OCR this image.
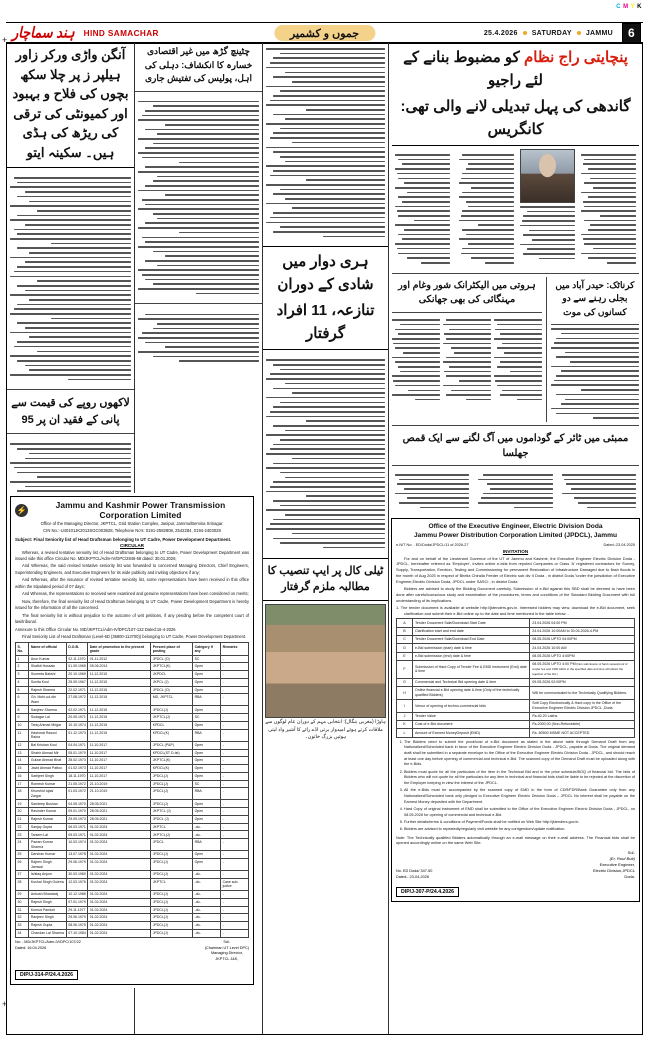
+
+
C M Y K
ہند سماچار HIND SAMACHAR	جموں و کشمیر	25.4.2026 SATURDAY JAMMU	6
آنگن واڑی ورکر زاور ہیلپر ز پر چلا سکھ بچوں کی فلاح و بہبود اور کمیونٹی کی ترقی کی ریڑھ کی ہڈی ہیں۔ سکینہ ایتو
لاکھوں روپے کی قیمت سے پانی کے فقید ان پر 95
چٹینچ گڑھ میں غیر اقتصادی خسارہ کا انکشاف: دہلی کی اہل، پولیس کی تفتیش جاری
ہری دوار میں شادی کے دوران
تنازعہ، 11 افراد گرفتار
ٹیلی کال پر ایپ تنصیب کا مطالبہ ملزم گرفتار
ہاوڑا (مغربی بنگال): انتخابی مہم کے دوران عام لوگوں سے ملاقات کرتے ہوئے امیدوار برتی اڈے رائے کا آشیر واد لیتی ہوئیں بزرگ خاتون۔
پنچایتی راج نظام کو مضبوط بنانے کے لئے راجیو
گاندھی کی پہل تبدیلی لانے والی تھی: کانگریس
ہروتی میں الیکٹرانک شور وغام اور مہنگائی کی بھی جھانکی
کرناٹک: حیدر آباد میں بجلی رہنے سے دو کسانوں کی موت
ممبئی میں ٹائر کے گوداموں میں آگ لگنے سے ایک قمص جھلسا
Office of the Executive Engineer, Electric Division Doda
Jammu Power Distribution Corporation Limited (JPDCL), Jammu
e-NIT No: - ED/Doda/JPDCL/11 of 2026-27	Dated:-23.04.2025
INVITATION
For and on behalf of the Lieutenant Governor of the UT of Jammu and Kashmir, the Executive Engineer Electric Division Doda - JPDCL, hereinafter referred as 'Employer', invites online e-bids from reputed Companies or Class 'A' registered contractors for Survey, Supply, Transportation, Erection, Testing and Commissioning for permanent Restoration of Infrastructure Damaged due to flash floods in the month of Aug 2025 in respect of Bhella Chiralla Feeder of Electric sub div II Doda , in district Doda."under the jurisdiction of Executive Engineer,Electric Division Doda, JPDCL under SASCI , in district Doda
Bidders are advised to study the Bidding Document carefully. Submission of e-Bid against this SBD shall be deemed to have been done after careful/conscious study and examination of the procedures, terms and conditions of the Standard Bidding Document with full understanding of its implications.
1. The tender document is available at website http://jktenders.gov.in. Interested bidders may view, download the e-Bid document, seek clarification and submit their e-Bid online up to the date and time mentioned in the table below: -
A	Tender Document Sale/Download Start Date	23.04.2026 04:00 PM
B	Clarification start and end date	24.04.2026 10:00AM to 30.04.2026-4.PM
C	Tender Document Sale/Download End Date	08.05.2026 UPTO 04:00PM
D	e-Bid submission (start) date & time	24.04.2026 10:00 AM
E	e-Bid submission (end) date & time	08.05.2026 UPTO 4:00PM
F	Submission of Hard Copy of Tender Fee & EMD instrument (End) date & time	08.05.2026 UPTO 4:00 PM (Non submission of hard copies/proof of tender fee and CDR within in the specified date and time will attract the rejection of the bid.)
G	Commercial and Technical Bid opening date & time	09.05.2026 02:00PM
H	Online financial e-Bid opening date & time (Only of the technically qualified Bidders)	Will be communicated to the Technically Qualifying Bidders.
I	Venue of opening of techno-commercial bids	Soft Copy Electronically & Hard copy in the Office of the Executive Engineer Electric Division JPDCL ,Doda
J	Tender Value	Rs.40.20 Lakhs
K	Cost of e-Bid document	Rs.2000.00 (Non-Refundable)
L	Amount of Earnest MoneyDeposit (EMD)	Rs. 80500 MSME NOT ACCEPTED
1. The Bidders need to submit the proof/cost of e-Bid document as stated in the above table through Demand Draft from any Nationalized/Scheduled bank in favor of the Executive Engineer Electric Division Doda - JPDCL, payable at Doda. The original demand draft shall be submitted in a separate envelope to the Office of the Executive Engineer Electric Division Doda - JPDCL, and should reach at least one day before opening of commercial and technical e-Bid. The scanned copy of the Demand Draft must be uploaded along with the e-Bids.
2. Bidders must quote for all the particulars of the item in the Technical Bid and in the price schedule/BOQ of financial bid. The bids of Bidders who will not quote for all the particulars for any item in technical and financial bids shall be liable to be rejected at the discretion of the Employer keeping in view the interest of the JPDCL.
3. All the e-Bids must be accompanied by the scanned copy of EMD in the form of CDR/FDR/Bank Guarantee only from any Nationalized/Scheduled bank only pledged to Executive Engineer Electric Division Doda – JPDCL No interest shall be payable on the Earnest Money deposited with the Department.
4. Hard Copy of original instrument of EMD shall be submitted to the Office of the Executive Engineer Electric Division Doda - JPDCL, on 08.05.2026 for opening of commercial and technical e-Bid.
5. Further details/terms & conditions of Payment/Funds shall be notified on Web Site http://jktenders.gov.in.
6. Bidders are advised to repeatedly/regularly visit website for any corrigendum/update notification.
Note: The Technically qualified Bidders automatically through an e-mail message on their e-mail address. The Financial bids shall be opened accordingly online on the same Web Site.
No. ED Doda/ 347-50
Dated:- 23-04-2026
Sd/-
(Er. Rouf Butt)
Executive Engineer,
Electric Division,JPDCL
Doda.
DIP/J-307-P/24.4.2026
⚡	Jammu and Kashmir Power Transmission Corporation Limited
Office of the Managing Director, JKPTCL, Grid Station Complex, Janipur, Jammu/Bemina Srinagar.
CIN No.:-U40101JK2013SGC003828, Telephone No's: 0191-2582808, 2542284, 0194-2403028
Subject: Final Seniority list of Head Draftsman belonging to UT Cadre, Power Development Department.
CIRCULAR
Whereas, a revised tentative seniority list of Head Draftsman belonging to UT Cadre, Power Development Department was issued vide this office Circular No. MD/JKPTCL/Adm-IV/DPC/2846-58 dated: 30.01.2026;
And Whereas, the said revised tentative seniority list was forwarded to concerned Managing Directors, Chief Engineers, Superintending Engineers, and Executive Engineers for its wide publicity and inviting objections if any;
And Whereas, after the issuance of revised tentative seniority list, some representations have been received in this office within the stipulated period of 07 days;
And Whereas, the representations so received were examined and genuine representations have been considered on merits;
Now, therefore, the final seniority list of Head Draftsman belonging to UT Cadre, Power Development Department is hereby issued for the information of all the concerned.
The final seniority list is without prejudice to the outcome of writ petitions, if any pending before the competent court of law/tribunal.
Annexure to this Office Circular No. MD/JKPTCL/Adm-IV/DPC/107-122 Dated:16-4-2026
Final Seniority List of Head Draftsman (Level-6D (35800-113700)) belonging to UT Cadre, Power Development Department.
S. No.	Name of official	D.O.B.	Date of promotion to the present grade	Present place of posting	Category if any	Remarks
1	Arun Kumar	02.11.1970	01.11.2012	JPDCL (O)	SC	-
2	Shafkit Hussain	01.09.1965	05.06.2014	JKPTCL(K)	Open	-
3	Suneeta Bakshi	20.10.1969	11.12.2015	JKPDCL	Open	-
4	Sunita Koul	25.09.1967	11.12.2015	JKPCL (J)	Open	-
5	Rajesh Sharma	22.02.1971	11.12.2015	JPDCL (O)	Open	-
6	Gh. Mohi-ud-din Wani	27.08.1972	11.12.2015	MD, JKPTCL	RBA	-
8	Sanjeev Sharma	02.02.1971	11.12.2015	JPDCL(J)	Open	-
9	Sudagar Lal	20.05.1971	11.12.2015	JKPTCL(J)	SC	-
10	Tariq Ahmad Mirgar	10.10.1974	11.12.2015	KPDCL	Open	-
11	Hashmat Rasool Raina	01.12.1973	11.12.2015	KPDCL(K)	RBA	-
12	Bal Krishan Koul	04.04.1971	11.10.2017	JPDCL (P&P)	Open	-
13	Shabir Ahmad Mir	05.01.1970	11.10.2017	KPDCL(ST D-Ist)	Open	-
14	Gulzar Ahmad Bhat	28.02.1973	11.10.2017	JKPTCL(K)	Open	-
15	Javid Ahmad Pattoo	01.02.1973	11.10.2017	KPDCL(K)	Open	-
16	Sarbjeet Singh	18.11.1970	11.10.2017	JPDCL(J)	Open	-
17	Romesh Kumar	21.05.1972	21.10.2019	JPDCL(J)	SC	-
18	Khurshid Iqbal Zargar	01.03.1972	21.10.2019	JPDCL(J)	RBA	-
19	Sandeep Bushan	04.05.1970	28.05.2021	JPDCL(J)	Open	-
20	Ravinder Kumar	09.01.1970	28.05.2021	JKPTCL (J)	Open	-
21	Rajesh Kumar	29.09.1973	28.05.2021	JPDCL (J)	Open	-
22	Sanjay Gupta	06.03.1971	01.02.2024	JKPTCL	-do-	-
23	Tarsem Lal	05.03.1971	01.02.2024	JKPTCL(J)	-do-	-
24	Pawan Kumar Sharma	10.03.1974	01.02.2024	JPDCL	RBA	-
25	Darshan Kumar	13.07.1978	01.02.2024	JPDCL(J)	Open	-
26	Rajeev Singh Jamwal	29.06.1979	01.02.2024	JPDCL(J)	Open	-
27	Ishtiaq Anjum	30.03.1980	01.02.2024	JPDCL(J)	-do-	-
28	Kushal Singh Guleria	12.03.1976	01.02.2024	JKPTCL	-do-	Case sub-judice
29	Ankush Bhardwaj	10.12.1986	01.02.2024	JPDCL(J)	-do-	-
30	Rajesh Singh	07.01.1979	01.02.2024	JPDCL(J)	-do-	-
31	Kumud Pandoh	29.11.1977	01.02.2024	JPDCL(J)	-do-	-
32	Ranjeev Singh	29.06.1979	01.02.2024	JPDCL(J)	-do-	-
33	Rajesh Gupta	08.06.1975	01.02.2024	JPDCL(J)	-do-	-
34	Chandan Lal Sharma	07.10.1984	01.02.2024	JPDCL(J)	-do-	-
No: - MD/JKPTCL/Adm-IV/DPC/107/22
Dated: 16.04.2026
Sd/-
(Chairman UT Level DPC)
Managing Director,
JKPTCL J&K,
DIP/J-314-P/24.4.2026
